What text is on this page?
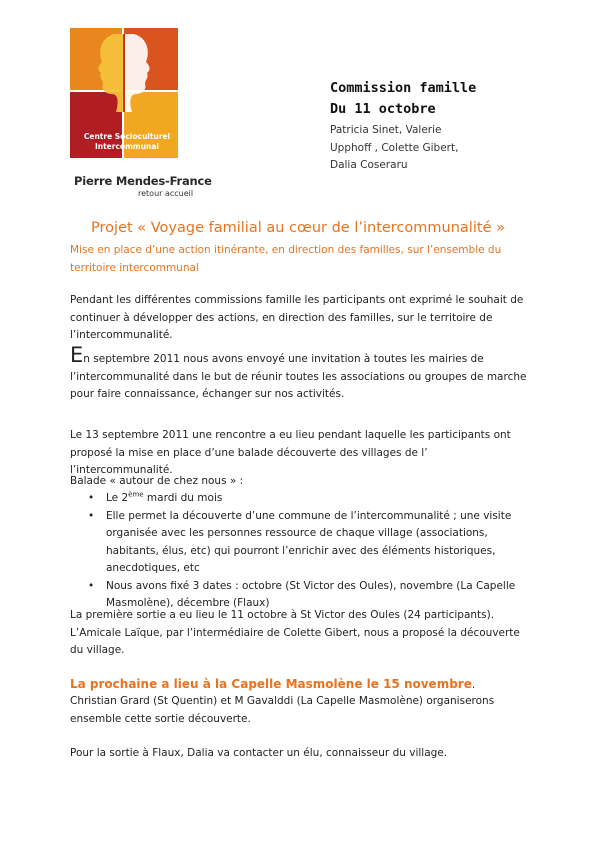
Centre Socioculturel
Intercommunal
Pierre Mendes-France
retour accueil
Commission famille
Du 11 octobre
Patricia Sinet, Valerie
Upphoff , Colette Gibert,
Dalia Coseraru
Projet « Voyage familial au cœur de l’intercommunalité »
Mise en place d’une action itinérante, en direction des familles, sur l’ensemble du territoire intercommunal
Pendant les différentes commissions famille les participants ont exprimé le souhait de continuer à développer des actions, en direction des familles, sur le territoire de l’intercommunalité.
En septembre 2011 nous avons envoyé une invitation à toutes les mairies de l’intercommunalité dans le but de réunir toutes les associations ou groupes de marche pour faire connaissance, échanger sur nos activités.
Le 13 septembre 2011 une rencontre a eu lieu pendant laquelle les participants ont proposé la mise en place d’une balade découverte des villages de l’ l’intercommunalité.
Balade « autour de chez nous » :
• Le 2ème mardi du mois
• Elle permet la découverte d’une commune de l’intercommunalité ; une visite organisée avec les personnes ressource de chaque village (associations, habitants, élus, etc) qui pourront l’enrichir avec des éléments historiques, anecdotiques, etc
• Nous avons fixé 3 dates : octobre (St Victor des Oules), novembre (La Capelle Masmolène), décembre (Flaux)
La première sortie a eu lieu le 11 octobre à St Victor des Oules (24 participants). L’Amicale Laïque, par l’intermédiaire de Colette Gibert, nous a proposé la découverte du village.
La prochaine a lieu à la Capelle Masmolène le 15 novembre.
Christian Grard (St Quentin) et M Gavalddi (La Capelle Masmolène) organiserons ensemble cette sortie découverte.
Pour la sortie à Flaux, Dalia va contacter un élu, connaisseur du village.
